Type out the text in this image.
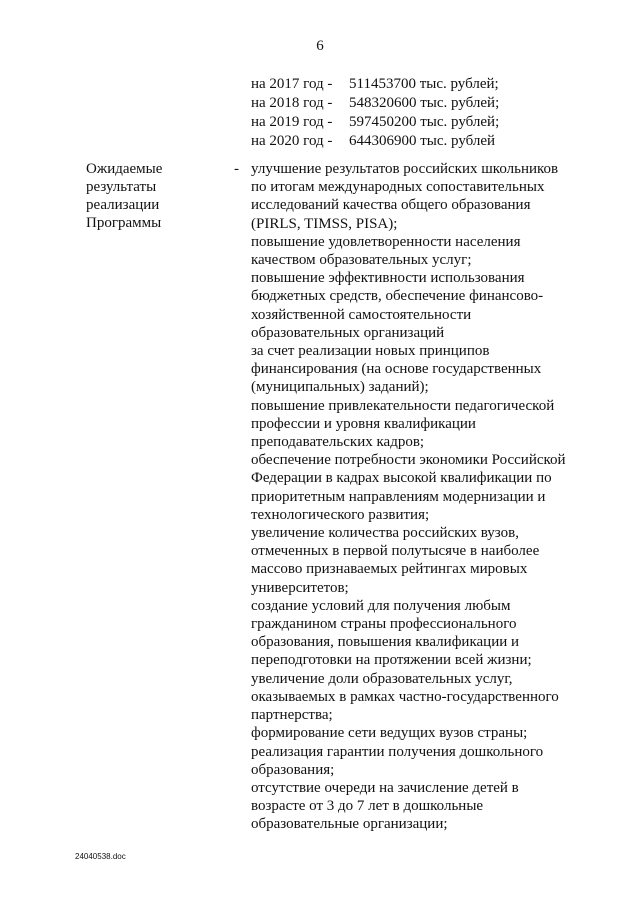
6
на 2017 год -	511453700 тыс. рублей;
на 2018 год -	548320600 тыс. рублей;
на 2019 год -	597450200 тыс. рублей;
на 2020 год -	644306900 тыс. рублей
Ожидаемые
результаты
реализации
Программы
- улучшение результатов российских школьников
по итогам международных сопоставительных
исследований качества общего образования
(PIRLS, TIMSS, PISA);
повышение удовлетворенности населения
качеством образовательных услуг;
повышение эффективности использования
бюджетных средств, обеспечение финансово-
хозяйственной самостоятельности
образовательных организаций
за счет реализации новых принципов
финансирования (на основе государственных
(муниципальных) заданий);
повышение привлекательности педагогической
профессии и уровня квалификации
преподавательских кадров;
обеспечение потребности экономики Российской
Федерации в кадрах высокой квалификации по
приоритетным направлениям модернизации и
технологического развития;
увеличение количества российских вузов,
отмеченных в первой полутысяче в наиболее
массово признаваемых рейтингах мировых
университетов;
создание условий для получения любым
гражданином страны профессионального
образования, повышения квалификации и
переподготовки на протяжении всей жизни;
увеличение доли образовательных услуг,
оказываемых в рамках частно-государственного
партнерства;
формирование сети ведущих вузов страны;
реализация гарантии получения дошкольного
образования;
отсутствие очереди на зачисление детей в
возрасте от 3 до 7 лет в дошкольные
образовательные организации;
24040538.doc
